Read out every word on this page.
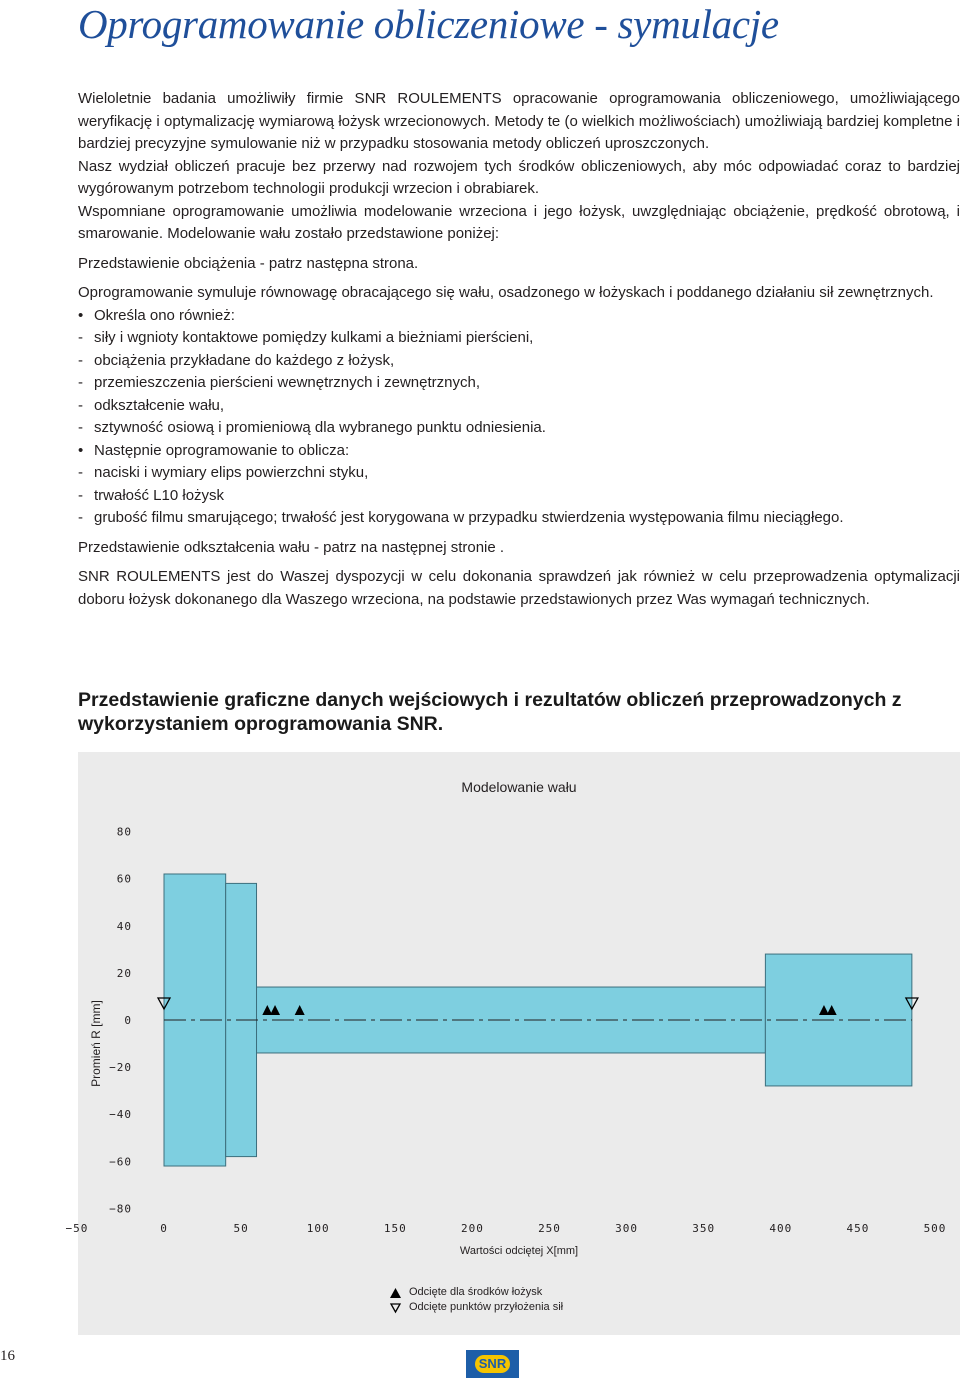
Oprogramowanie obliczeniowe - symulacje

Wieloletnie badania umożliwiły firmie SNR ROULEMENTS opracowanie oprogramowania obliczeniowego, umożliwiającego weryfikację i optymalizację wymiarową łożysk wrzecionowych. Metody te (o wielkich możliwościach) umożliwiają bardziej kompletne i bardziej precyzyjne symulowanie niż w przypadku stosowania metody obliczeń uproszczonych.

Nasz wydział obliczeń pracuje bez przerwy nad rozwojem tych środków obliczeniowych, aby móc odpowiadać coraz to bardziej wygórowanym potrzebom technologii produkcji wrzecion i obrabiarek.

Wspomniane oprogramowanie umożliwia modelowanie wrzeciona i jego łożysk, uwzględniając obciążenie, prędkość obrotową, i smarowanie. Modelowanie wału zostało przedstawione poniżej:

Przedstawienie obciążenia - patrz następna strona.

Oprogramowanie symuluje równowagę obracającego się wału, osadzonego w łożyskach i poddanego działaniu sił zewnętrznych.

• Określa ono również:
- siły i wgnioty kontaktowe pomiędzy kulkami a bieżniami pierścieni,
- obciążenia przykładane do każdego z łożysk,
- przemieszczenia pierścieni wewnętrznych i zewnętrznych,
- odkształcenie wału,
- sztywność osiową i promieniową dla wybranego punktu odniesienia.
• Następnie oprogramowanie to oblicza:
- naciski i wymiary elips powierzchni styku,
- trwałość L10 łożysk
- grubość filmu smarującego; trwałość jest korygowana w przypadku stwierdzenia występowania filmu nieciągłego.

Przedstawienie odkształcenia wału - patrz na następnej stronie .

SNR ROULEMENTS jest do Waszej dyspozycji w celu dokonania sprawdzeń jak również w celu przeprowadzenia optymalizacji doboru łożysk dokonanego dla Waszego wrzeciona, na podstawie przedstawionych przez Was wymagań technicznych.

Przedstawienie graficzne danych wejściowych i rezultatów obliczeń przeprowadzonych z wykorzystaniem oprogramowania SNR.
Modelowanie wału
80
60
40
20
0
−20
−40
−60
−80
−50	0	50	100	150	200	250	300	350	400	450	500
Wartości odciętej X[mm]
Promień R [mm]
Odcięte dla środków łożysk
Odcięte punktów przyłożenia sił
16	SNR
